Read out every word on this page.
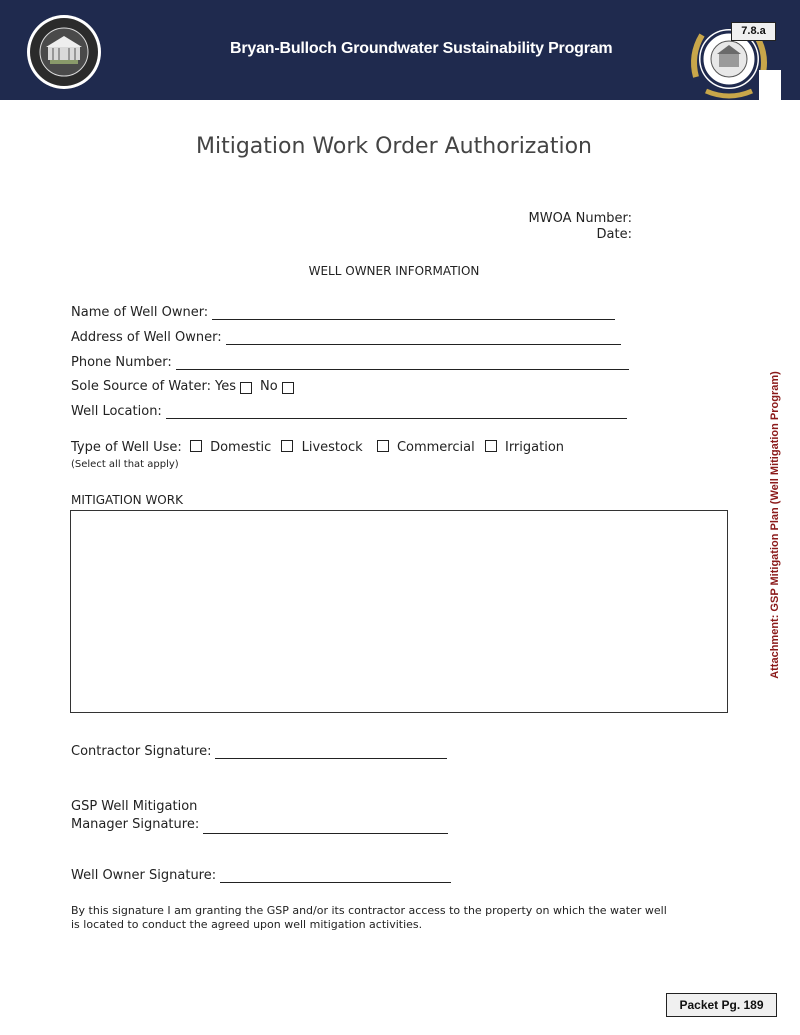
Bryan-Bulloch Groundwater Sustainability Program
7.8.a
Mitigation Work Order Authorization
MWOA Number:
Date:
WELL OWNER INFORMATION
Name of Well Owner:
Address of Well Owner:
Phone Number:
Sole Source of Water: Yes No
Well Location:
Type of Well Use: Domestic Livestock	Commercial Irrigation
(Select all that apply)
MITIGATION WORK
Contractor Signature:
GSP Well Mitigation
Manager Signature:
Well Owner Signature:
By this signature I am granting the GSP and/or its contractor access to the property on which the water well is located to conduct the agreed upon well mitigation activities.
Attachment: GSP Mitigation Plan (Well Mitigation Program)
Packet Pg. 189
